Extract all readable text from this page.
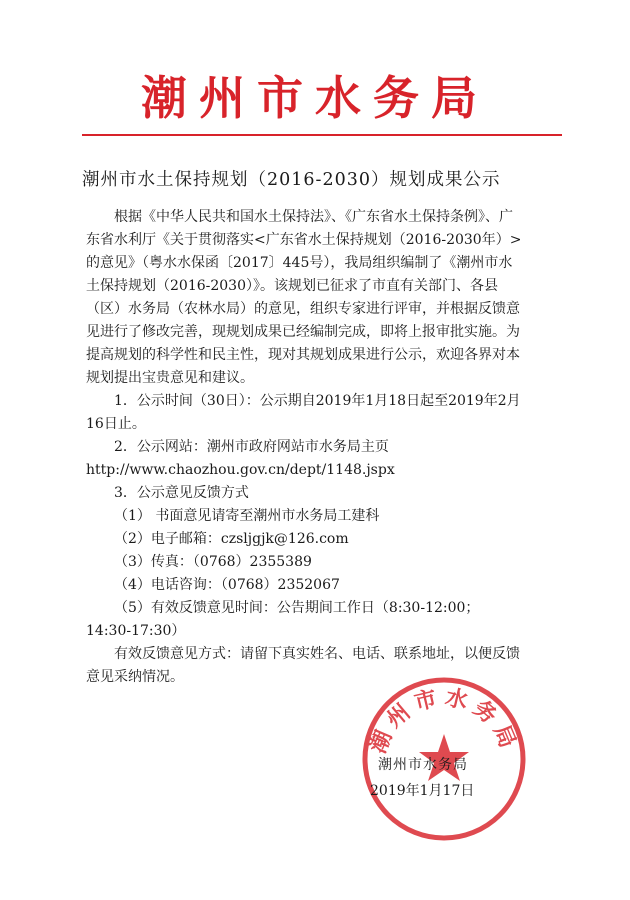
潮州市水务局
潮州市水土保持规划（2016-2030）规划成果公示

根据《中华人民共和国水土保持法》、《广东省水土保持条例》、广东省水利厅《关于贯彻落实<广东省水土保持规划（2016-2030年）>的意见》（粤水水保函〔2017〕445号），我局组织编制了《潮州市水土保持规划（2016-2030）》。该规划已征求了市直有关部门、各县（区）水务局（农林水局）的意见，组织专家进行评审，并根据反馈意见进行了修改完善，现规划成果已经编制完成，即将上报审批实施。为提高规划的科学性和民主性，现对其规划成果进行公示，欢迎各界对本规划提出宝贵意见和建议。

1．公示时间（30日）：公示期自2019年1月18日起至2019年2月16日止。

2．公示网站：潮州市政府网站市水务局主页

http://www.chaozhou.gov.cn/dept/1148.jspx

3．公示意见反馈方式

（1） 书面意见请寄至潮州市水务局工建科

（2）电子邮箱：czsljgjk@126.com

（3）传真：（0768）2355389

（4）电话咨询：（0768）2352067

（5）有效反馈意见时间：公告期间工作日（8:30-12:00；14:30-17:30）

有效反馈意见方式：请留下真实姓名、电话、联系地址，以便反馈意见采纳情况。

潮州市水务局
潮州市水务局
2019年1月17日
